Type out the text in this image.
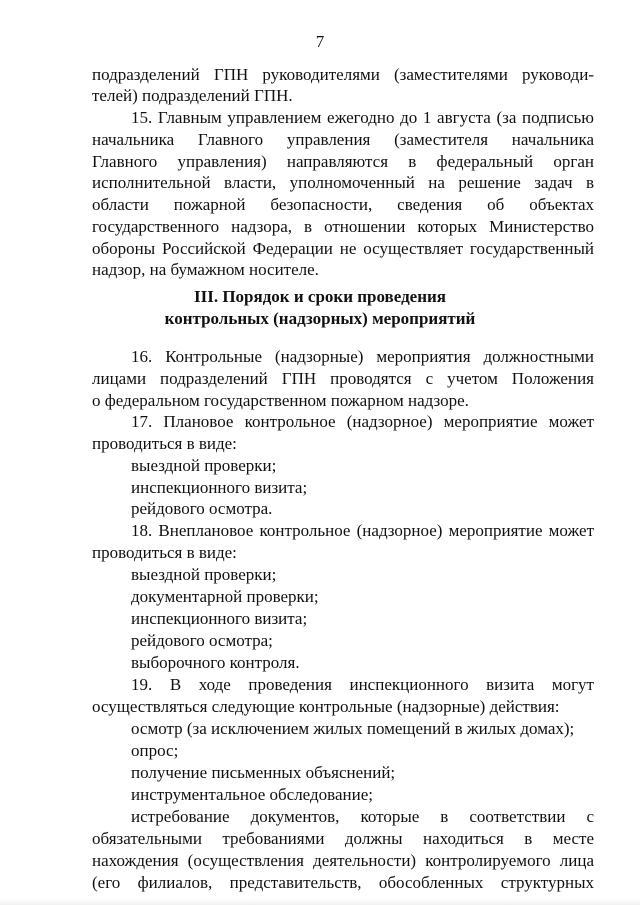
7
подразделений ГПН руководителями (заместителями руководи-
телей) подразделений ГПН.
15. Главным управлением ежегодно до 1 августа (за подписью
начальника Главного управления (заместителя начальника
Главного управления) направляются в федеральный орган
исполнительной власти, уполномоченный на решение задач в
области пожарной безопасности, сведения об объектах
государственного надзора, в отношении которых Министерство
обороны Российской Федерации не осуществляет государственный
надзор, на бумажном носителе.
III. Порядок и сроки проведения
контрольных (надзорных) мероприятий
16. Контрольные (надзорные) мероприятия должностными
лицами подразделений ГПН проводятся с учетом Положения
о федеральном государственном пожарном надзоре.
17. Плановое контрольное (надзорное) мероприятие может
проводиться в виде:
выездной проверки;
инспекционного визита;
рейдового осмотра.
18. Внеплановое контрольное (надзорное) мероприятие может
проводиться в виде:
выездной проверки;
документарной проверки;
инспекционного визита;
рейдового осмотра;
выборочного контроля.
19. В ходе проведения инспекционного визита могут
осуществляться следующие контрольные (надзорные) действия:
осмотр (за исключением жилых помещений в жилых домах);
опрос;
получение письменных объяснений;
инструментальное обследование;
истребование документов, которые в соответствии с
обязательными требованиями должны находиться в месте
нахождения (осуществления деятельности) контролируемого лица
(его филиалов, представительств, обособленных структурных
